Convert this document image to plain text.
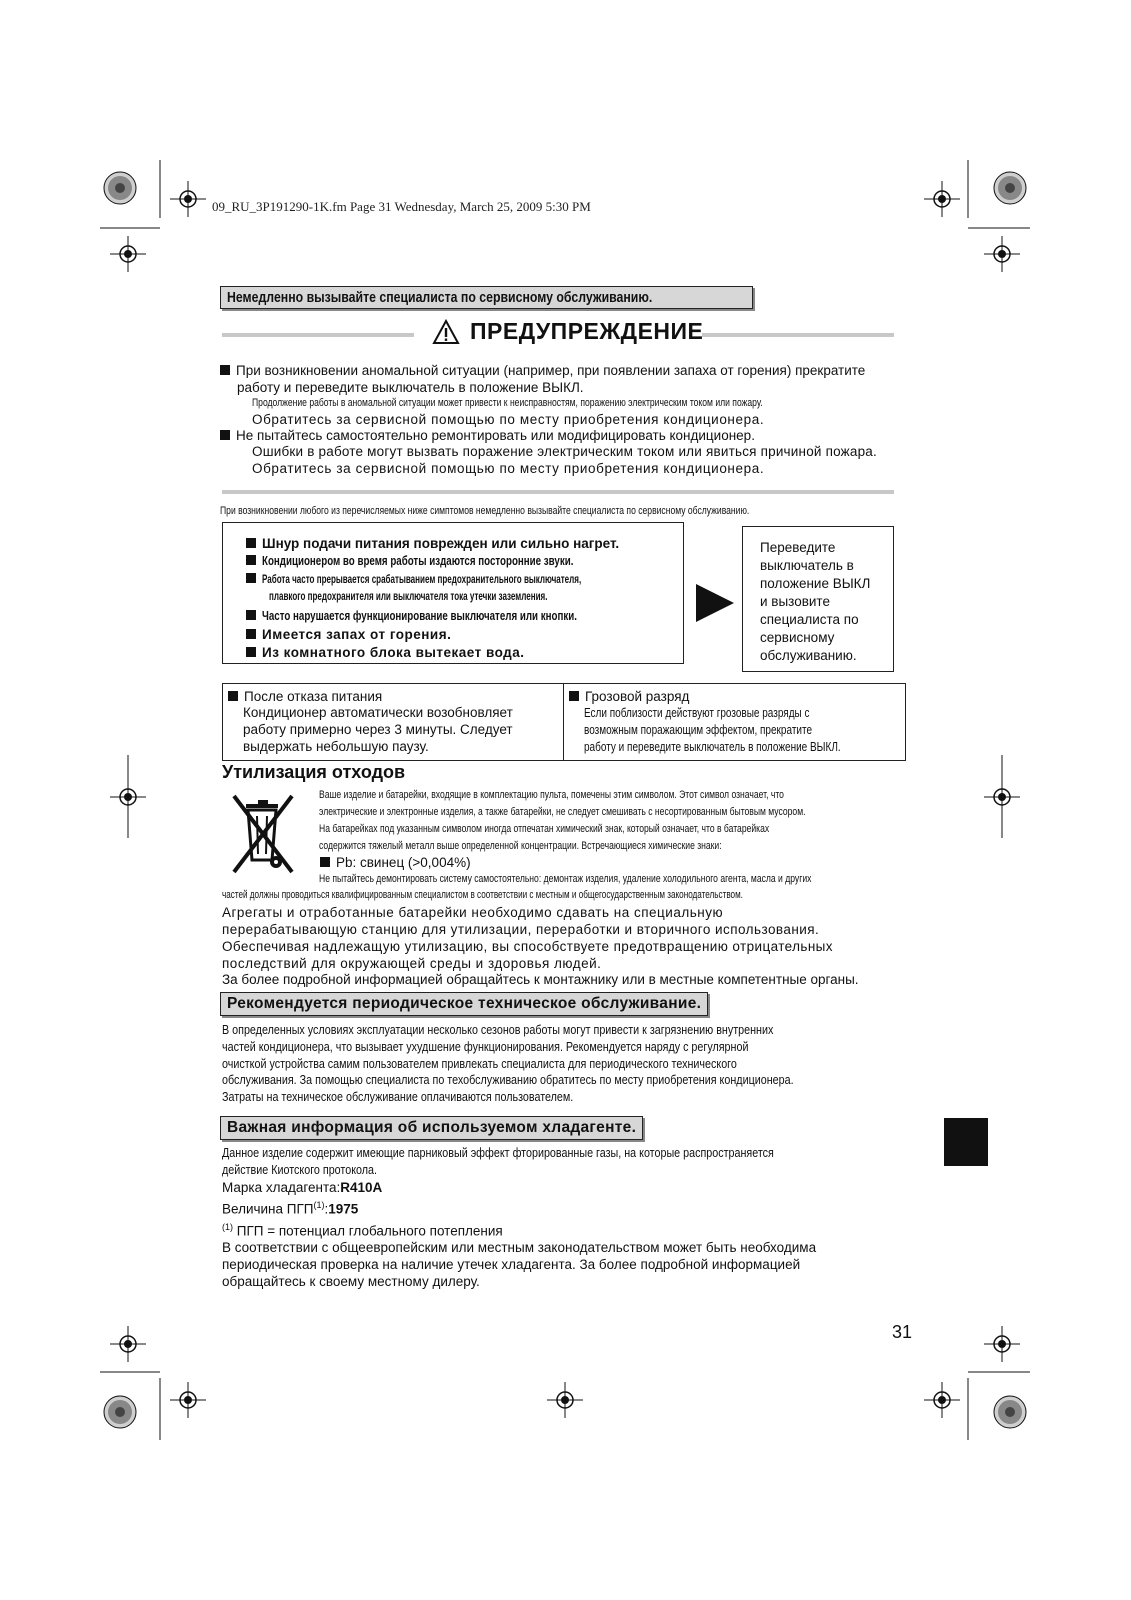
09_RU_3P191290-1K.fm Page 31 Wednesday, March 25, 2009 5:30 PM
Немедленно вызывайте специалиста по сервисному обслуживанию.
ПРЕДУПРЕЖДЕНИЕ
При возникновении аномальной ситуации (например, при появлении запаха от горения) прекратите
работу и переведите выключатель в положение ВЫКЛ.
Продолжение работы в аномальной ситуации может привести к неисправностям, поражению электрическим током или пожару.
Обратитесь за сервисной помощью по месту приобретения кондиционера.
Не пытайтесь самостоятельно ремонтировать или модифицировать кондиционер.
Ошибки в работе могут вызвать поражение электрическим током или явиться причиной пожара.
Обратитесь за сервисной помощью по месту приобретения кондиционера.
При возникновении любого из перечисляемых ниже симптомов немедленно вызывайте специалиста по сервисному обслуживанию.
Шнур подачи питания поврежден или сильно нагрет.
Кондиционером во время работы издаются посторонние звуки.
Работа часто прерывается срабатыванием предохранительного выключателя,
плавкого предохранителя или выключателя тока утечки заземления.
Часто нарушается функционирование выключателя или кнопки.
Имеется запах от горения.
Из комнатного блока вытекает вода.
Переведите
выключатель в
положение ВЫКЛ
и вызовите
специалиста по
сервисному
обслуживанию.
После отказа питания
Кондиционер автоматически возобновляет
работу примерно через 3 минуты. Следует
выдержать небольшую паузу.
Грозовой разряд
Если поблизости действуют грозовые разряды с
возможным поражающим эффектом, прекратите
работу и переведите выключатель в положение ВЫКЛ.
Утилизация отходов
Ваше изделие и батарейки, входящие в комплектацию пульта, помечены этим символом. Этот символ означает, что
электрические и электронные изделия, а также батарейки, не следует смешивать с несортированным бытовым мусором.
На батарейках под указанным символом иногда отпечатан химический знак, который означает, что в батарейках
содержится тяжелый металл выше определенной концентрации. Встречающиеся химические знаки:
Pb: свинец (>0,004%)
Не пытайтесь демонтировать систему самостоятельно: демонтаж изделия, удаление холодильного агента, масла и других
частей должны проводиться квалифицированным специалистом в соответствии с местным и общегосударственным законодательством.
Агрегаты и отработанные батарейки необходимо сдавать на специальную
перерабатывающую станцию для утилизации, переработки и вторичного использования.
Обеспечивая надлежащую утилизацию, вы способствуете предотвращению отрицательных
последствий для окружающей среды и здоровья людей.
За более подробной информацией обращайтесь к монтажнику или в местные компетентные органы.
Рекомендуется периодическое техническое обслуживание.
В определенных условиях эксплуатации несколько сезонов работы могут привести к загрязнению внутренних
частей кондиционера, что вызывает ухудшение функционирования. Рекомендуется наряду с регулярной
очисткой устройства самим пользователем привлекать специалиста для периодического технического
обслуживания. За помощью специалиста по техобслуживанию обратитесь по месту приобретения кондиционера.
Затраты на техническое обслуживание оплачиваются пользователем.
Важная информация об используемом хладагенте.
Данное изделие содержит имеющие парниковый эффект фторированные газы, на которые распространяется
действие Киотского протокола.
Марка хладагента:R410A
Величина ПГП$^{(1)}$:1975
$^{(1)}$ ПГП = потенциал глобального потепления
В соответствии с общеевропейским или местным законодательством может быть необходима
периодическая проверка на наличие утечек хладагента. За более подробной информацией
обращайтесь к своему местному дилеру.
31
